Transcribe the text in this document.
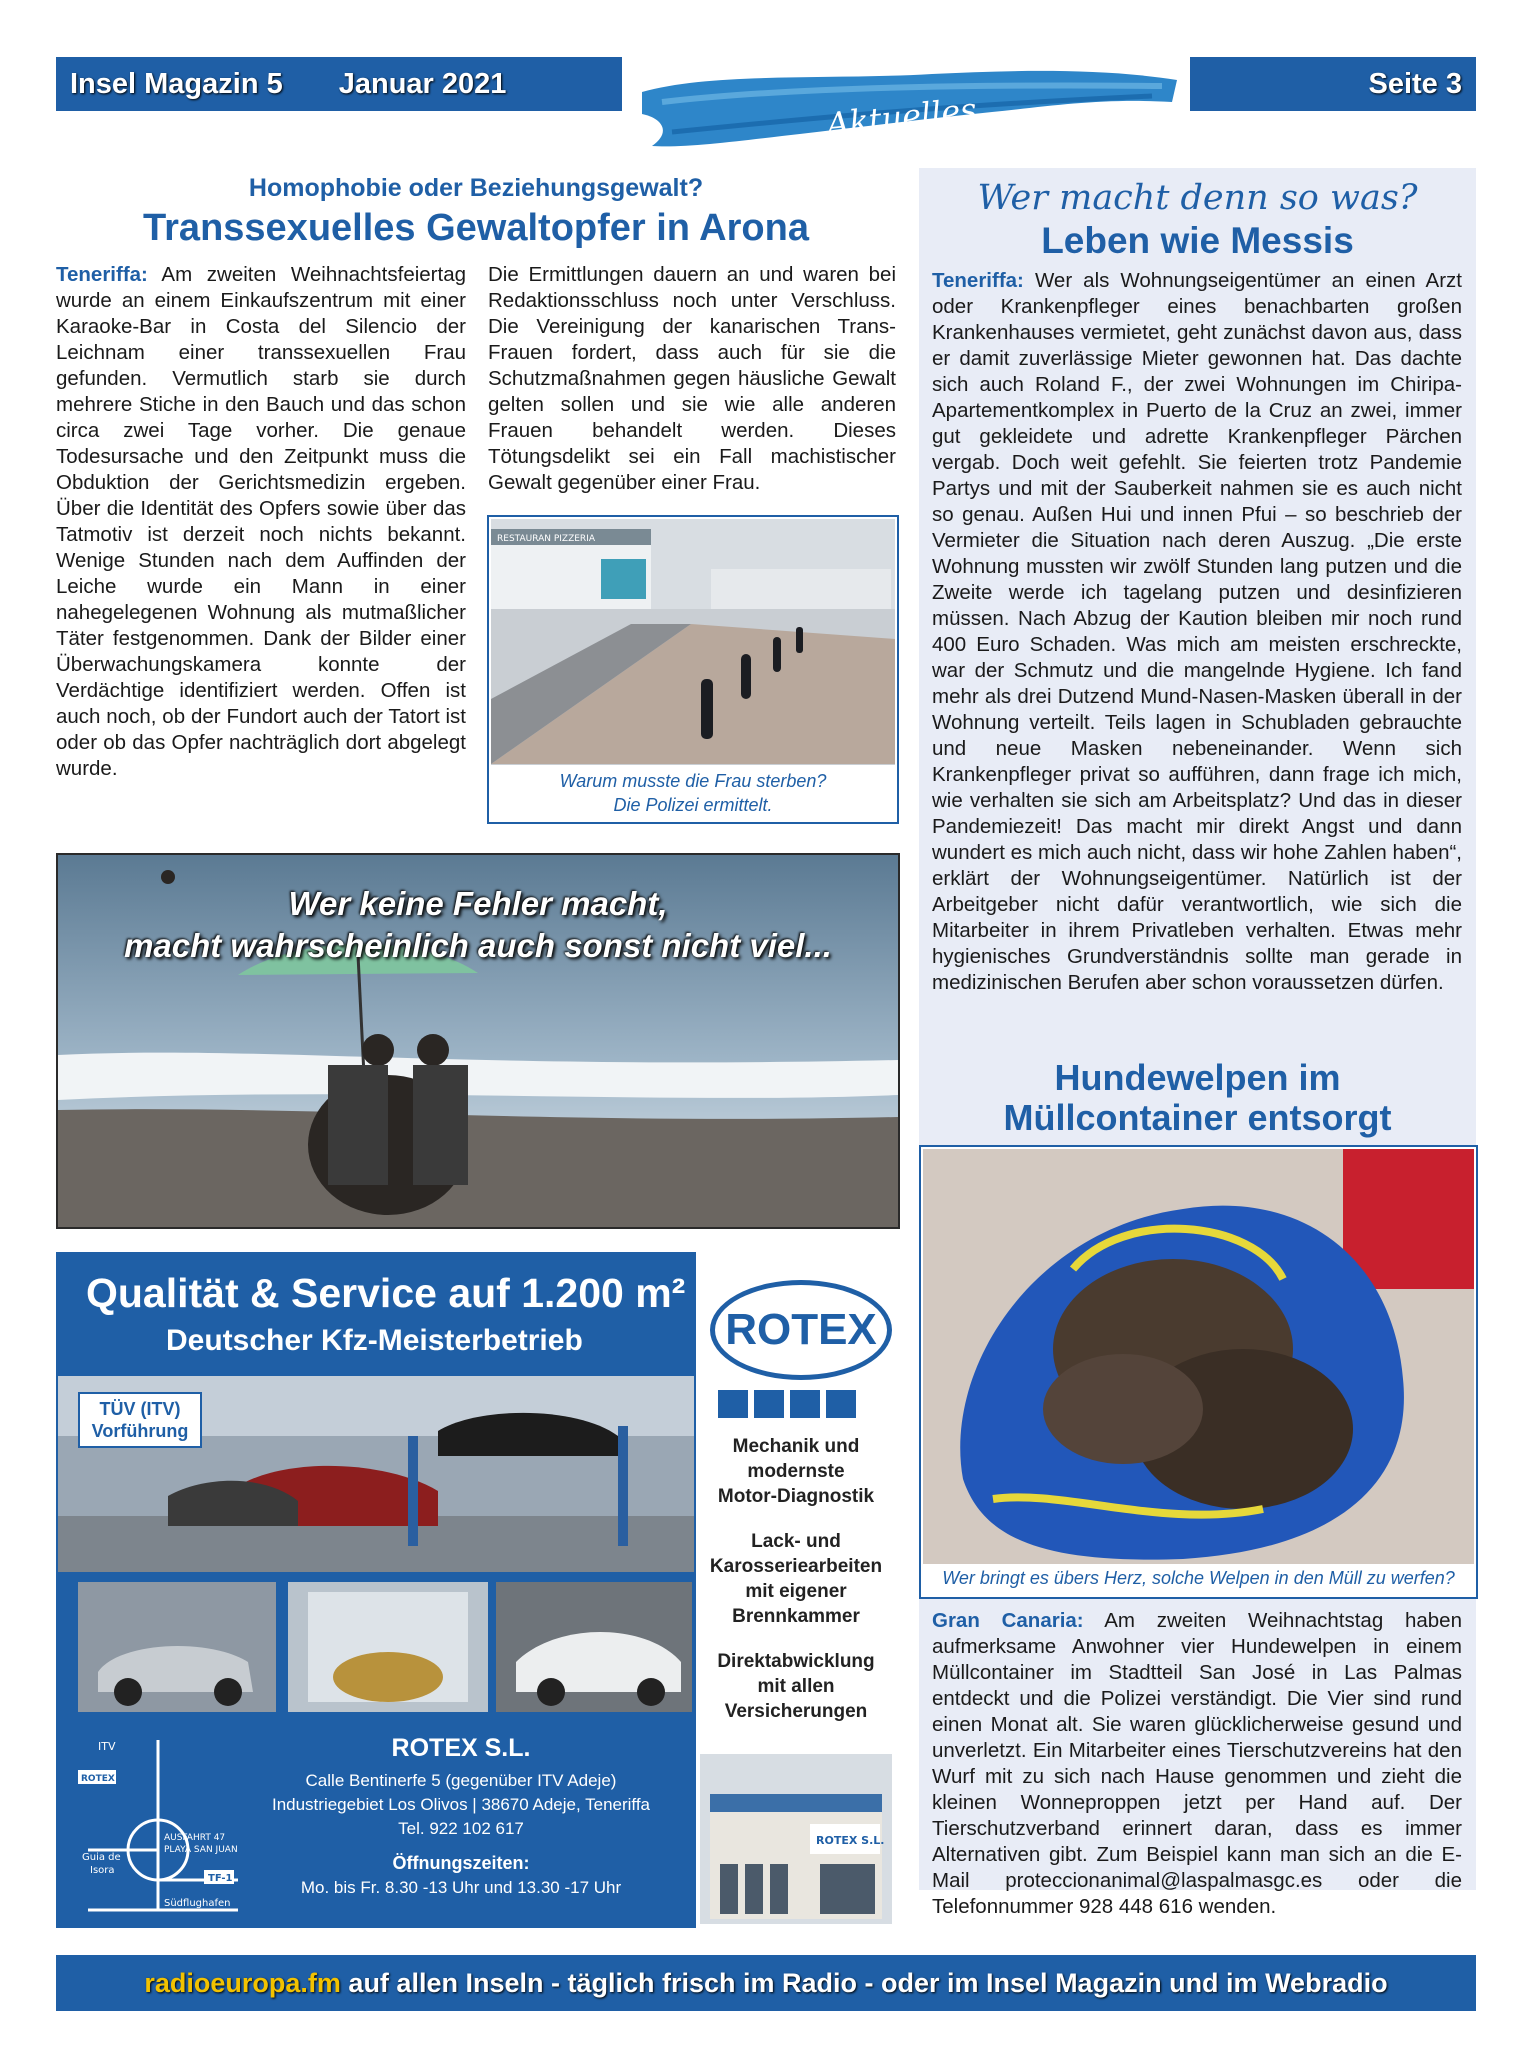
Insel Magazin 5 Januar 2021
Aktuelles
Seite 3
Homophobie oder Beziehungsgewalt?
Transsexuelles Gewaltopfer in Arona
Teneriffa: Am zweiten Weihnachtsfeiertag wurde an einem Einkaufszentrum mit einer Karaoke-Bar in Costa del Silencio der Leichnam einer transsexuellen Frau gefunden. Vermutlich starb sie durch mehrere Stiche in den Bauch und das schon circa zwei Tage vorher. Die genaue Todesursache und den Zeitpunkt muss die Obduktion der Gerichtsmedizin ergeben. Über die Identität des Opfers sowie über das Tatmotiv ist derzeit noch nichts bekannt. Wenige Stunden nach dem Auffinden der Leiche wurde ein Mann in einer nahegelegenen Wohnung als mutmaßlicher Täter festgenommen. Dank der Bilder einer Überwachungskamera konnte der Verdächtige identifiziert werden. Offen ist auch noch, ob der Fundort auch der Tatort ist oder ob das Opfer nachträglich dort abgelegt wurde.
Die Ermittlungen dauern an und waren bei Redaktionsschluss noch unter Verschluss. Die Vereinigung der kanarischen Trans-Frauen fordert, dass auch für sie die Schutzmaßnahmen gegen häusliche Gewalt gelten sollen und sie wie alle anderen Frauen behandelt werden. Dieses Tötungsdelikt sei ein Fall machistischer Gewalt gegenüber einer Frau.
RESTAURAN PIZZERIA
Warum musste die Frau sterben?
Die Polizei ermittelt.
Wer keine Fehler macht,
macht wahrscheinlich auch sonst nicht viel...
Qualität & Service auf 1.200 m²
Deutscher Kfz-Meisterbetrieb	ROTEX
Mechanik und
modernste
Motor-Diagnostik
Lack- und
Karosseriearbeiten
mit eigener
Brennkammer
Direktabwicklung
mit allen
Versicherungen
ROTEX S.L.
TÜV (ITV)
Vorführung
ITV
ROTEX
Guia de
Isora
AUSFAHRT 47
PLAYA SAN JUAN
TF-1
Südflughafen
ROTEX S.L.
Calle Bentinerfe 5 (gegenüber ITV Adeje)
Industriegebiet Los Olivos | 38670 Adeje, Teneriffa
Tel. 922 102 617
Öffnungszeiten:
Mo. bis Fr. 8.30 -13 Uhr und 13.30 -17 Uhr
Wer macht denn so was?
Leben wie Messis
Teneriffa: Wer als Wohnungseigentümer an einen Arzt oder Krankenpfleger eines benachbarten großen Krankenhauses vermietet, geht zunächst davon aus, dass er damit zuverlässige Mieter gewonnen hat. Das dachte sich auch Roland F., der zwei Wohnungen im Chiripa- Apartementkomplex in Puerto de la Cruz an zwei, immer gut gekleidete und adrette Krankenpfleger Pärchen vergab. Doch weit gefehlt. Sie feierten trotz Pandemie Partys und mit der Sauberkeit nahmen sie es auch nicht so genau. Außen Hui und innen Pfui – so beschrieb der Vermieter die Situation nach deren Auszug. „Die erste Wohnung mussten wir zwölf Stunden lang putzen und die Zweite werde ich tagelang putzen und desinfizieren müssen. Nach Abzug der Kaution bleiben mir noch rund 400 Euro Schaden. Was mich am meisten erschreckte, war der Schmutz und die mangelnde Hygiene. Ich fand mehr als drei Dutzend Mund-Nasen-Masken überall in der Wohnung verteilt. Teils lagen in Schubladen gebrauchte und neue Masken nebeneinander. Wenn sich Krankenpfleger privat so aufführen, dann frage ich mich, wie verhalten sie sich am Arbeitsplatz? Und das in dieser Pandemiezeit! Das macht mir direkt Angst und dann wundert es mich auch nicht, dass wir hohe Zahlen haben“, erklärt der Wohnungseigentümer. Natürlich ist der Arbeitgeber nicht dafür verantwortlich, wie sich die Mitarbeiter in ihrem Privatleben verhalten. Etwas mehr hygienisches Grundverständnis sollte man gerade in medizinischen Berufen aber schon voraussetzen dürfen.
Hundewelpen im
Müllcontainer entsorgt
Wer bringt es übers Herz, solche Welpen in den Müll zu werfen?
Gran Canaria: Am zweiten Weihnachtstag haben aufmerksame Anwohner vier Hundewelpen in einem Müllcontainer im Stadtteil San José in Las Palmas entdeckt und die Polizei verständigt. Die Vier sind rund einen Monat alt. Sie waren glücklicherweise gesund und unverletzt. Ein Mitarbeiter eines Tierschutzvereins hat den Wurf mit zu sich nach Hause genommen und zieht die kleinen Wonneproppen jetzt per Hand auf. Der Tierschutzverband erinnert daran, dass es immer Alternativen gibt. Zum Beispiel kann man sich an die E-Mail proteccionanimal@laspalmasgc.es oder die Telefonnummer 928 448 616 wenden.
radioeuropa.fm auf allen Inseln - täglich frisch im Radio - oder im Insel Magazin und im Webradio
